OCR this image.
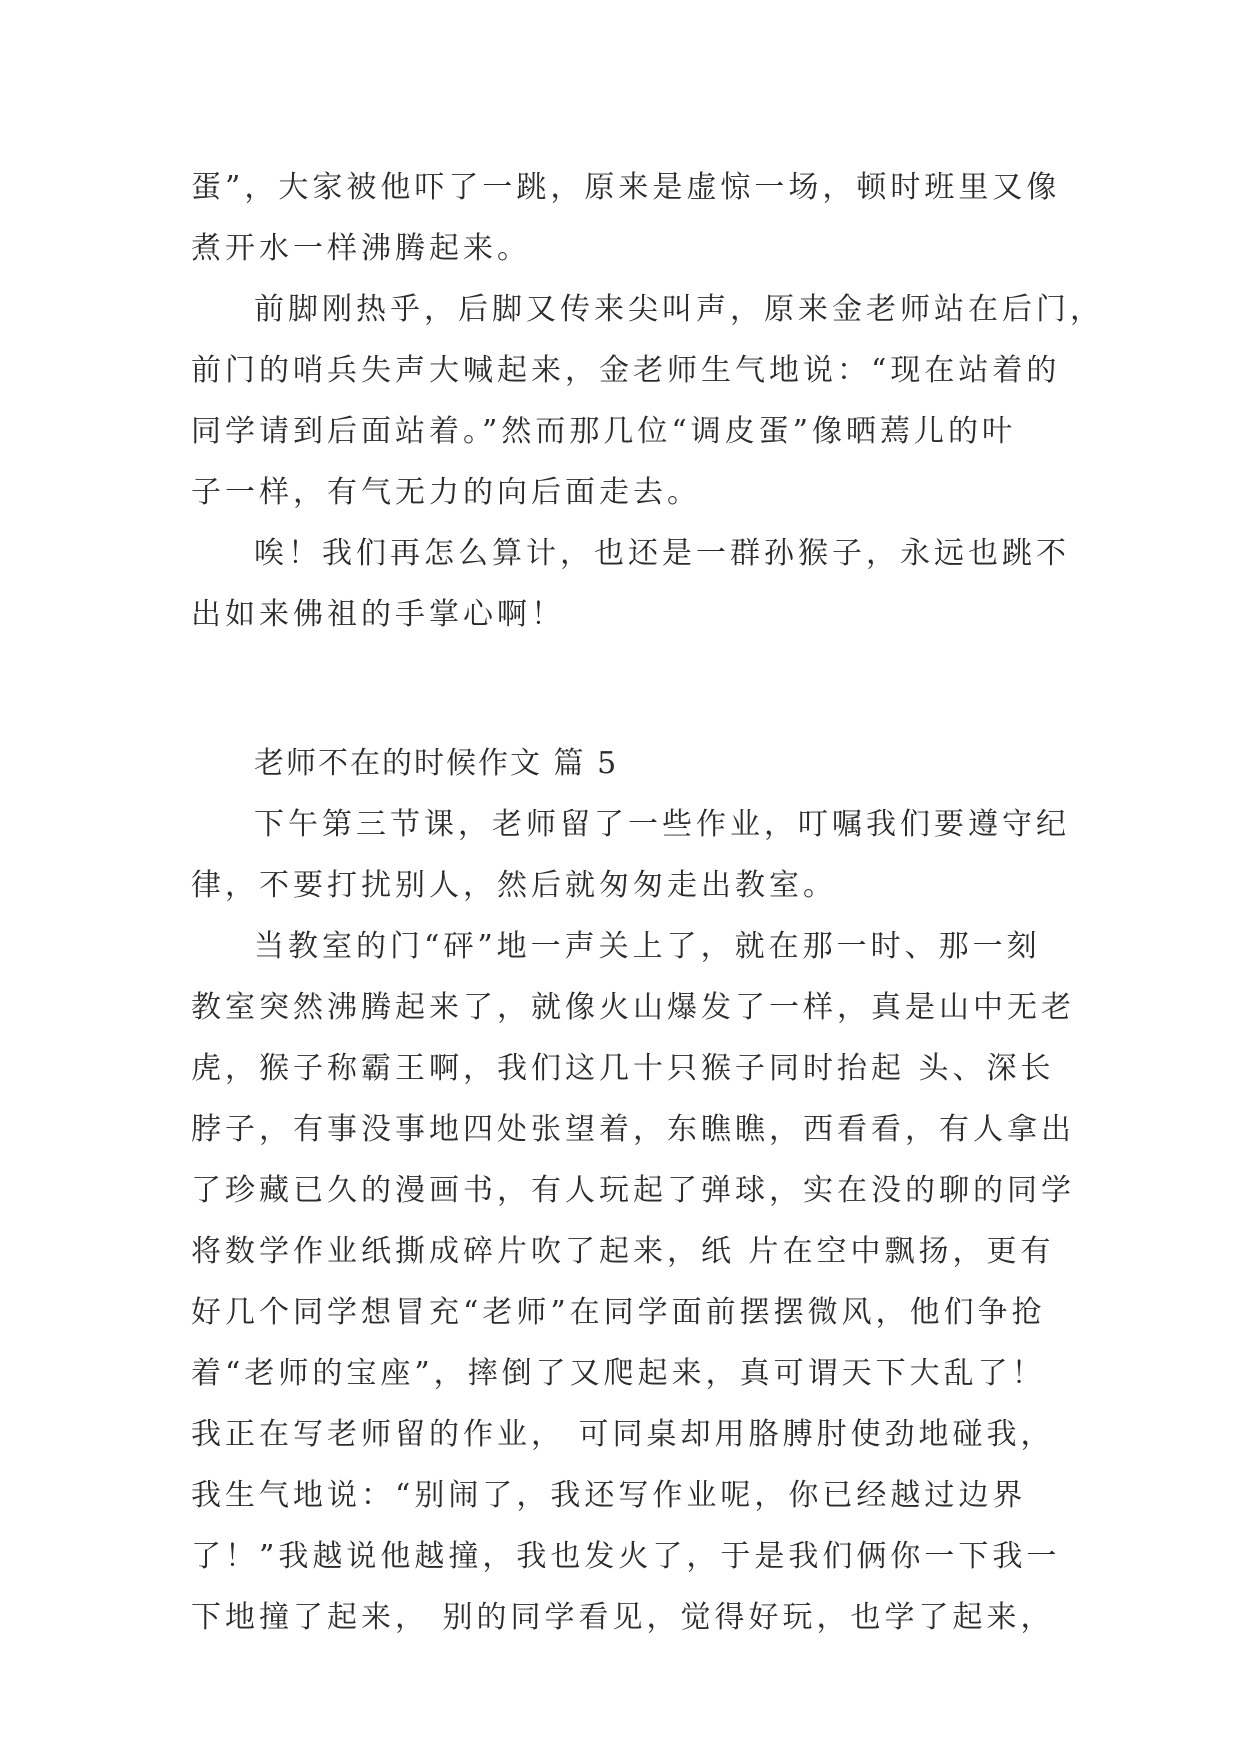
蛋”，大家被他吓了一跳，原来是虚惊一场，顿时班里又像
煮开水一样沸腾起来。
前脚刚热乎，后脚又传来尖叫声，原来金老师站在后门，
前门的哨兵失声大喊起来，金老师生气地说：“现在站着的
同学请到后面站着。”然而那几位“调皮蛋”像晒蔫儿的叶
子一样，有气无力的向后面走去。
唉！我们再怎么算计，也还是一群孙猴子，永远也跳不
出如来佛祖的手掌心啊！
老师不在的时候作文 篇 5
下午第三节课，老师留了一些作业，叮嘱我们要遵守纪
律，不要打扰别人，然后就匆匆走出教室。
当教室的门“砰”地一声关上了，就在那一时、那一刻
教室突然沸腾起来了，就像火山爆发了一样，真是山中无老
虎，猴子称霸王啊，我们这几十只猴子同时抬起 头、深长
脖子，有事没事地四处张望着，东瞧瞧，西看看，有人拿出
了珍藏已久的漫画书，有人玩起了弹球，实在没的聊的同学
将数学作业纸撕成碎片吹了起来，纸 片在空中飘扬，更有
好几个同学想冒充“老师”在同学面前摆摆微风，他们争抢
着“老师的宝座”，摔倒了又爬起来，真可谓天下大乱了！
我正在写老师留的作业， 可同桌却用胳膊肘使劲地碰我，
我生气地说：“别闹了，我还写作业呢，你已经越过边界
了！”我越说他越撞，我也发火了，于是我们俩你一下我一
下地撞了起来， 别的同学看见，觉得好玩，也学了起来，
